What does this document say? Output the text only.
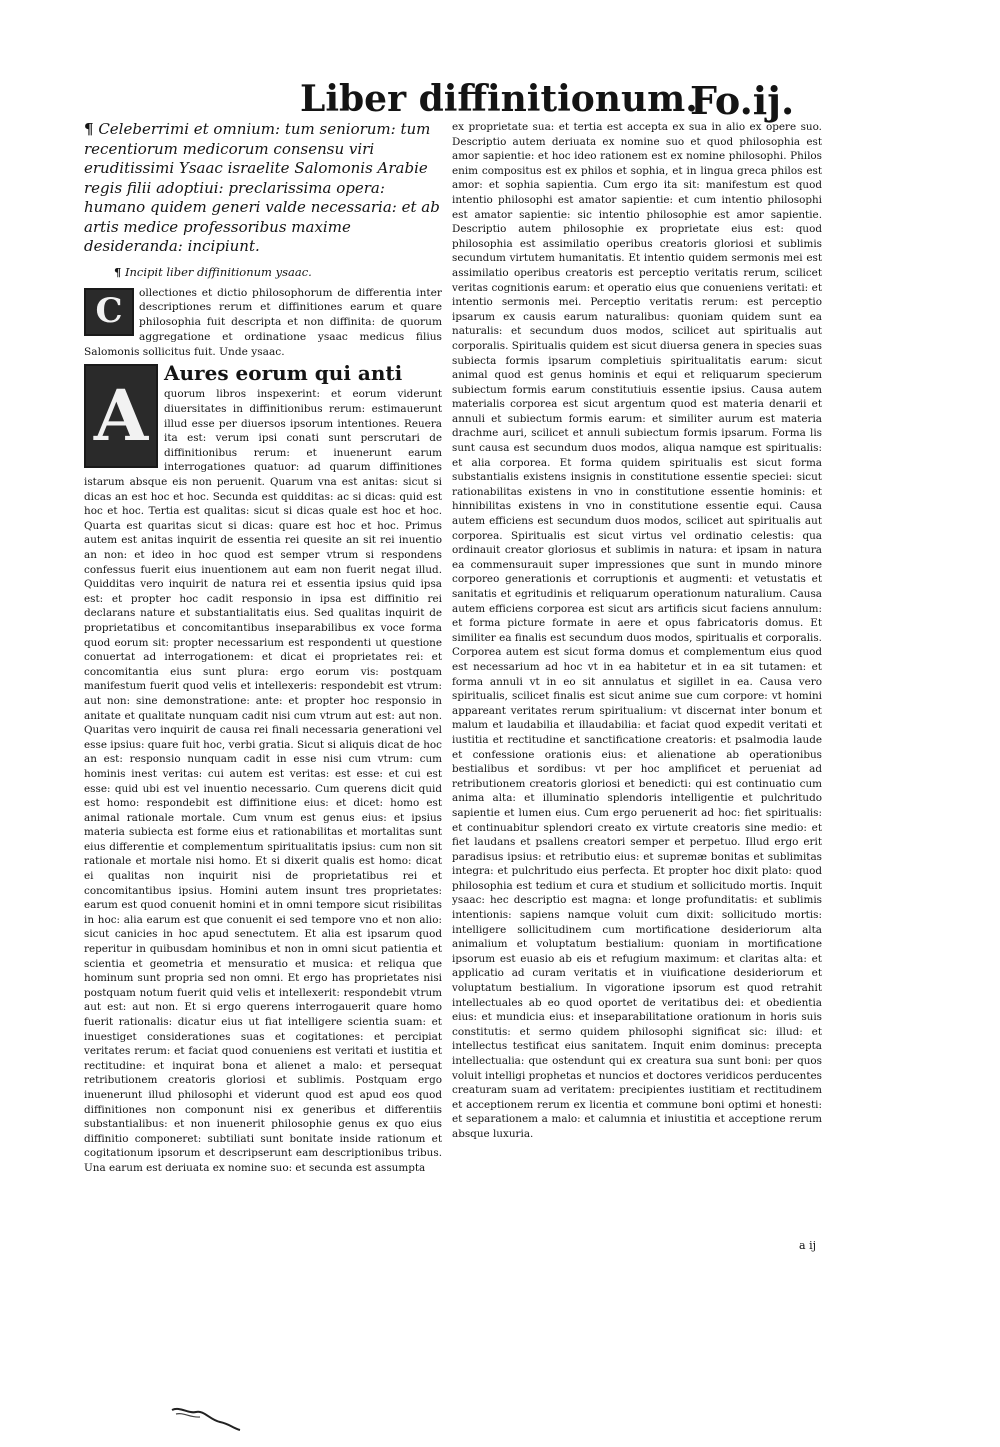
Liber diffinitionum.
Fo.ij.

¶ Celeberrimi et omnium: tum seniorum: tum recentiorum medicorum consensu viri eruditissimi Ysaac israelite Salomonis Arabie regis filii adoptiui: preclarissima opera: humano quidem generi valde necessaria: et ab artis medice professoribus maxime desideranda: incipiunt.

¶ Incipit liber diffinitionum ysaac.

C	ollectiones et dictio philosophorum de differentia inter descriptiones rerum et diffinitiones earum et quare philosophia fuit descripta et non diffinita: de quorum aggregatione et ordinatione ysaac medicus filius Salomonis sollicitus fuit. Unde ysaac.

A
Aures eorum qui anti
quorum libros inspexerint: et eorum viderunt diuersitates in diffinitionibus rerum: estimauerunt illud esse per diuersos ipsorum intentiones. Reuera ita est: verum ipsi conati sunt perscrutari de diffinitionibus rerum: et inuenerunt earum interrogationes quatuor: ad quarum diffinitiones istarum absque eis non peruenit. Quarum vna est anitas: sicut si dicas an est hoc et hoc. Secunda est quidditas: ac si dicas: quid est hoc et hoc. Tertia est qualitas: sicut si dicas quale est hoc et hoc. Quarta est quaritas sicut si dicas: quare est hoc et hoc. Primus autem est anitas inquirit de essentia rei quesite an sit rei inuentio an non: et ideo in hoc quod est semper vtrum si respondens confessus fuerit eius inuentionem aut eam non fuerit negat illud. Quidditas vero inquirit de natura rei et essentia ipsius quid ipsa est: et propter hoc cadit responsio in ipsa est diffinitio rei declarans nature et substantialitatis eius. Sed qualitas inquirit de proprietatibus et concomitantibus inseparabilibus ex voce forma quod eorum sit: propter necessarium est respondenti ut questione conuertat ad interrogationem: et dicat ei proprietates rei: et concomitantia eius sunt plura: ergo eorum vis: postquam manifestum fuerit quod velis et intellexeris: respondebit est vtrum: aut non: sine demonstratione: ante: et propter hoc responsio in anitate et qualitate nunquam cadit nisi cum vtrum aut est: aut non. Quaritas vero inquirit de causa rei finali necessaria generationi vel esse ipsius: quare fuit hoc, verbi gratia. Sicut si aliquis dicat de hoc an est: responsio nunquam cadit in esse nisi cum vtrum: cum hominis inest veritas: cui autem est veritas: est esse: et cui est esse: quid ubi est vel inuentio necessario. Cum querens dicit quid est homo: respondebit est diffinitione eius: et dicet: homo est animal rationale mortale. Cum vnum est genus eius: et ipsius materia subiecta est forme eius et rationabilitas et mortalitas sunt eius differentie et complementum spiritualitatis ipsius: cum non sit rationale et mortale nisi homo. Et si dixerit qualis est homo: dicat ei qualitas non inquirit nisi de proprietatibus rei et concomitantibus ipsius. Homini autem insunt tres proprietates: earum est quod conuenit homini et in omni tempore sicut risibilitas in hoc: alia earum est que conuenit ei sed tempore vno et non alio: sicut canicies in hoc apud senectutem. Et alia est ipsarum quod reperitur in quibusdam hominibus et non in omni sicut patientia et scientia et geometria et mensuratio et musica: et reliqua que hominum sunt propria sed non omni. Et ergo has proprietates nisi postquam notum fuerit quid velis et intellexerit: respondebit vtrum aut est: aut non. Et si ergo querens interrogauerit quare homo fuerit rationalis: dicatur eius ut fiat intelligere scientia suam: et inuestiget considerationes suas et cogitationes: et percipiat veritates rerum: et faciat quod conueniens est veritati et iustitia et rectitudine: et inquirat bona et alienet a malo: et persequat retributionem creatoris gloriosi et sublimis. Postquam ergo inuenerunt illud philosophi et viderunt quod est apud eos quod diffinitiones non componunt nisi ex generibus et differentiis substantialibus: et non inuenerit philosophie genus ex quo eius diffinitio componeret: subtiliati sunt bonitate inside rationum et cogitationum ipsorum et descripserunt eam descriptionibus tribus. Una earum est deriuata ex nomine suo: et secunda est assumpta

ex proprietate sua: et tertia est accepta ex sua in alio ex opere suo. Descriptio autem deriuata ex nomine suo et quod philosophia est amor sapientie: et hoc ideo rationem est ex nomine philosophi. Philos enim compositus est ex philos et sophia, et in lingua greca philos est amor: et sophia sapientia. Cum ergo ita sit: manifestum est quod intentio philosophi est amator sapientie: et cum intentio philosophi est amator sapientie: sic intentio philosophie est amor sapientie. Descriptio autem philosophie ex proprietate eius est: quod philosophia est assimilatio operibus creatoris gloriosi et sublimis secundum virtutem humanitatis. Et intentio quidem sermonis mei est assimilatio operibus creatoris est perceptio veritatis rerum, scilicet veritas cognitionis earum: et operatio eius que conueniens veritati: et intentio sermonis mei. Perceptio veritatis rerum: est perceptio ipsarum ex causis earum naturalibus: quoniam quidem sunt ea naturalis: et secundum duos modos, scilicet aut spiritualis aut corporalis. Spiritualis quidem est sicut diuersa genera in species suas subiecta formis ipsarum completiuis spiritualitatis earum: sicut animal quod est genus hominis et equi et reliquarum specierum subiectum formis earum constitutiuis essentie ipsius. Causa autem materialis corporea est sicut argentum quod est materia denarii et annuli et subiectum formis earum: et similiter aurum est materia drachme auri, scilicet et annuli subiectum formis ipsarum. Forma lis sunt causa est secundum duos modos, aliqua namque est spiritualis: et alia corporea. Et forma quidem spiritualis est sicut forma substantialis existens insignis in constitutione essentie speciei: sicut rationabilitas existens in vno in constitutione essentie hominis: et hinnibilitas existens in vno in constitutione essentie equi. Causa autem efficiens est secundum duos modos, scilicet aut spiritualis aut corporea. Spiritualis est sicut virtus vel ordinatio celestis: qua ordinauit creator gloriosus et sublimis in natura: et ipsam in natura ea commensurauit super impressiones que sunt in mundo minore corporeo generationis et corruptionis et augmenti: et vetustatis et sanitatis et egritudinis et reliquarum operationum naturalium. Causa autem efficiens corporea est sicut ars artificis sicut faciens annulum: et forma picture formate in aere et opus fabricatoris domus. Et similiter ea finalis est secundum duos modos, spiritualis et corporalis. Corporea autem est sicut forma domus et complementum eius quod est necessarium ad hoc vt in ea habitetur et in ea sit tutamen: et forma annuli vt in eo sit annulatus et sigillet in ea. Causa vero spiritualis, scilicet finalis est sicut anime sue cum corpore: vt homini appareant veritates rerum spiritualium: vt discernat inter bonum et malum et laudabilia et illaudabilia: et faciat quod expedit veritati et iustitia et rectitudine et sanctificatione creatoris: et psalmodia laude et confessione orationis eius: et alienatione ab operationibus bestialibus et sordibus: vt per hoc amplificet et perueniat ad retributionem creatoris gloriosi et benedicti: qui est continuatio cum anima alta: et illuminatio splendoris intelligentie et pulchritudo sapientie et lumen eius. Cum ergo peruenerit ad hoc: fiet spiritualis: et continuabitur splendori creato ex virtute creatoris sine medio: et fiet laudans et psallens creatori semper et perpetuo. Illud ergo erit paradisus ipsius: et retributio eius: et supremæ bonitas et sublimitas integra: et pulchritudo eius perfecta. Et propter hoc dixit plato: quod philosophia est tedium et cura et studium et sollicitudo mortis. Inquit ysaac: hec descriptio est magna: et longe profunditatis: et sublimis intentionis: sapiens namque voluit cum dixit: sollicitudo mortis: intelligere sollicitudinem cum mortificatione desideriorum alta animalium et voluptatum bestialium: quoniam in mortificatione ipsorum est euasio ab eis et refugium maximum: et claritas alta: et applicatio ad curam veritatis et in viuificatione desideriorum et voluptatum bestialium. In vigoratione ipsorum est quod retrahit intellectuales ab eo quod oportet de veritatibus dei: et obedientia eius: et mundicia eius: et inseparabilitatione orationum in horis suis constitutis: et sermo quidem philosophi significat sic: illud: et intellectus testificat eius sanitatem. Inquit enim dominus: precepta intellectualia: que ostendunt qui ex creatura sua sunt boni: per quos voluit intelligi prophetas et nuncios et doctores veridicos perducentes creaturam suam ad veritatem: precipientes iustitiam et rectitudinem et acceptionem rerum ex licentia et commune boni optimi et honesti: et separationem a malo: et calumnia et iniustitia et acceptione rerum absque luxuria.

a ij
